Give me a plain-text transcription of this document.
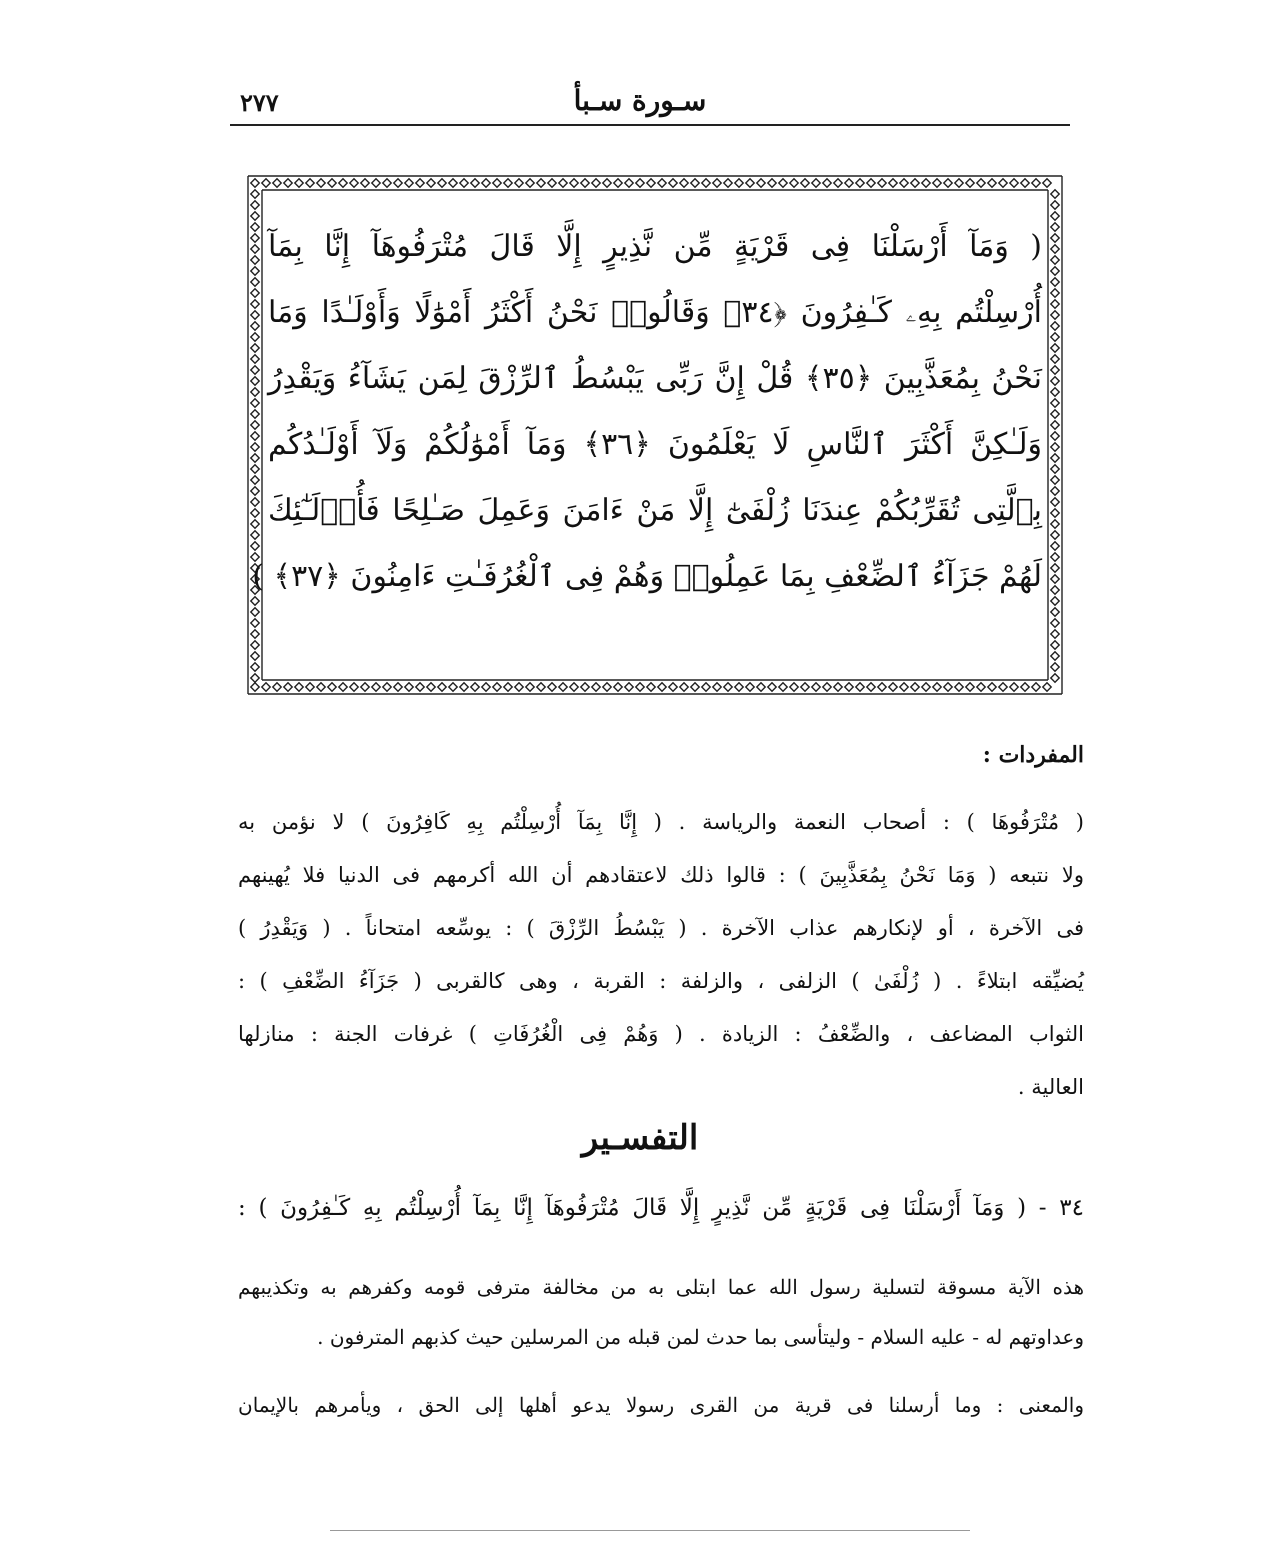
٢٧٧	سـورة سـبأ
( وَمَآ أَرْسَلْنَا فِى قَرْيَةٍ مِّن نَّذِيرٍ إِلَّا قَالَ مُتْرَفُوهَآ إِنَّا بِمَآ
أُرْسِلْتُم بِهِۦ كَـٰفِرُونَ ﴿٣٤﴾ وَقَالُوا۟ نَحْنُ أَكْثَرُ أَمْوَٰلًا وَأَوْلَـٰدًا وَمَا
نَحْنُ بِمُعَذَّبِينَ ﴿٣٥﴾ قُلْ إِنَّ رَبِّى يَبْسُطُ ٱلرِّزْقَ لِمَن يَشَآءُ وَيَقْدِرُ
وَلَـٰكِنَّ أَكْثَرَ ٱلنَّاسِ لَا يَعْلَمُونَ ﴿٣٦﴾ وَمَآ أَمْوَٰلُكُمْ وَلَآ أَوْلَـٰدُكُم
بِٱلَّتِى تُقَرِّبُكُمْ عِندَنَا زُلْفَىٰٓ إِلَّا مَنْ ءَامَنَ وَعَمِلَ صَـٰلِحًا فَأُو۟لَـٰٓئِكَ
لَهُمْ جَزَآءُ ٱلضِّعْفِ بِمَا عَمِلُوا۟ وَهُمْ فِى ٱلْغُرُفَـٰتِ ءَامِنُونَ ﴿٣٧﴾ )
المفردات :
( مُتْرَفُوهَا ) : أصحاب النعمة والرياسة . ( إِنَّا بِمَآ أُرْسِلْتُم بِهِ كَافِرُونَ ) لا نؤمن به
ولا نتبعه ( وَمَا نَحْنُ بِمُعَذَّبِينَ ) : قالوا ذلك لاعتقادهم أن الله أكرمهم فى الدنيا فلا يُهينهم
فى الآخرة ، أو لإنكارهم عذاب الآخرة . ( يَبْسُطُ الرِّزْقَ ) : يوسِّعه امتحاناً . ( وَيَقْدِرُ )
يُضيِّقه ابتلاءً . ( زُلْفَىٰ ) الزلفى ، والزلفة : القربة ، وهى كالقربى ( جَزَآءُ الضِّعْفِ ) :
الثواب المضاعف ، والضِّعْفُ : الزيادة . ( وَهُمْ فِى الْغُرُفَاتِ ) غرفات الجنة : منازلها
العالية .
التفسـير
٣٤ - ( وَمَآ أَرْسَلْنَا فِى قَرْيَةٍ مِّن نَّذِيرٍ إِلَّا قَالَ مُتْرَفُوهَآ إِنَّا بِمَآ أُرْسِلْتُم بِهِ كَـٰفِرُونَ ) :
هذه الآية مسوقة لتسلية رسول الله عما ابتلى به من مخالفة مترفى قومه وكفرهم به وتكذيبهم
وعداوتهم له - عليه السلام - وليتأسى بما حدث لمن قبله من المرسلين حيث كذبهم المترفون .
والمعنى : وما أرسلنا فى قرية من القرى رسولا يدعو أهلها إلى الحق ، ويأمرهم بالإيمان
